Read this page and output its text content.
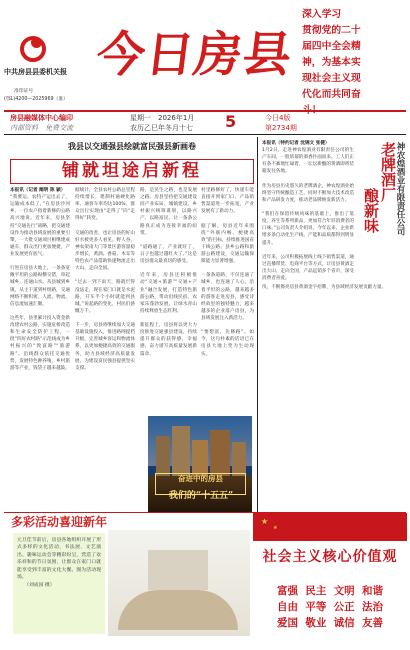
中共房县县委机关报
准印证号
(鄂L)4200—2025969（准）
今
日
房
县
深入学习
贯彻党的二十
届四中全会精
神，为基本实
现社会主义现
代化而共同奋
房县融媒体中心编印
内部资料　免费交流
星期一　2026年1月
农历乙巳年冬月十七 5	今日4版
第2734期
我县以交通强县绘就富民强县新画卷
铺就坦途启新程
本报讯（记者 阚明 陈 颖）
“我要运、农特产运出去了，运输成本低了，”在房县沙河乡，一位农户指着新修的公路高兴地说。近年来，房县坚持“交通先行”战略，把交通建设作为推动县域发展的重要引擎，一大批交通项目相继建成通车，群众出行更加便捷，产业发展更有底气。

行进在房县大地上，一条条宽敞平坦的公路纵横交错，串起城乡，连通山水。从县城到乡镇，从主干道到村组路，交通网络不断织密，人流、物流、信息流加速汇聚。

这些年，县里累计投入资金新改建农村公路，实施危桥改造和生命安全防护工程，一批“四好农村路”示范线成为乡村振兴的“致富路”“旅游路”。沿线群众依托交通优势，发展特色种养殖、乡村旅游等产业，钱袋子越来越鼓。
据统计，全县农村公路总里程持续增长，建制村通硬化路率、通客车率均达100%，群众出行实现由“走得了”向“走得好”转变。

交通的改善，也让房县的好山好水被更多人看见。野人谷、神农架南大门等景区游客量稳步增长，黄酒、香菇、木耳等特色农产品借助快递物流走出大山，走向全国。

“过去一到下雨天，路就烂得没法走，现在家门口就是水泥路，开车半个小时就能到县城。”说起路的变化，村民们感慨万千。

下一步，房县将继续加大交通基础设施投入，推进路网提档升级，完善城乡客运和物流体系，以更加便捷高效的交通服务，助力县域经济高质量发展，为建设富民强县提供坚实支撑。
路，是民生之路，也是发展之路。房县坚持把交通建设同产业布局、城镇建设、乡村振兴统筹谋划，以路兴产、以路富民，让一条条公路真正成为连接幸福的纽带。

“道路通了，产业就旺了，日子也越过越红火了。”这是房县群众最真切的感受。

近年来，房县还积极推动“交通+旅游”“交通+产业”融合发展，打造特色旅游公路，带动沿线民宿、农家乐蓬勃发展，让绿水青山持续释放生态红利。

新征程上，房县将以更大力度推进交通强县建设，持续提升群众的获得感、幸福感，奋力谱写高质量发展新篇章。
村里路修好了，快递车能直接开到家门口，产品销售渠道进一步拓宽，产业发展有了新动力。

据了解，房县近年来围绕“外联内畅、便捷高效”的目标，持续推进国省干线公路、县乡公路和旅游公路建设，交通运输保障能力显著增强。

一条条道路，不仅连通了城乡，也连通了人心。沿着平坦的公路，越来越多的游客走进房县，感受诗经故里的独特魅力，越来越多的企业落户房县，为县域发展注入新活力。

“要想富，先修路”。如今，这句朴素的话语已在房县大地上变为生动现实。
奋进中的房县
我们的“十五五”
神农煌酒业有限责任公司
老牌酒厂
酿新味
本报讯（特约记者 沈锦文 张健）
1月2日，走进神农煌酒业有限责任公司的生产车间，一股浓郁的酒香扑面而来。工人们正有条不紊地忙碌着，一坛坛新酿的黄酒即将装箱发往各地。

作为房县历史悠久的老牌酒企，神农煌酒业始终坚守传统酿造工艺，同时不断加大技术改造和产品研发力度，推动老品牌焕发新活力。

“我们在保留传统风味的基础上，推出了低度、养生等系列新品，更加符合年轻消费者的口味。”公司负责人介绍说，今年以来，企业新增多条自动化生产线，产能和品质都得到明显提升。

近年来，公司积极拓展线上线下销售渠道，通过直播带货、电商平台等方式，让房县黄酒走出大山、走向全国，产品远销多个省市，深受消费者喜爱。

伐，不断擦亮房县黄酒金字招牌，为县域经济发展贡献力量。
多彩活动喜迎新年
元旦佳节前后，房县各地组织开展了形式多样的文化活动，书法展、文艺演出、趣味运动会等精彩纷呈，营造了欢乐祥和的节日氛围，让群众在家门口就能享受到丰富的文化大餐。图为活动现场。
　　（刘成国 摄）
★
★
社会主义核心价值观
富强  民主  文明  和谐
自由  平等  公正  法治
爱国  敬业  诚信  友善
